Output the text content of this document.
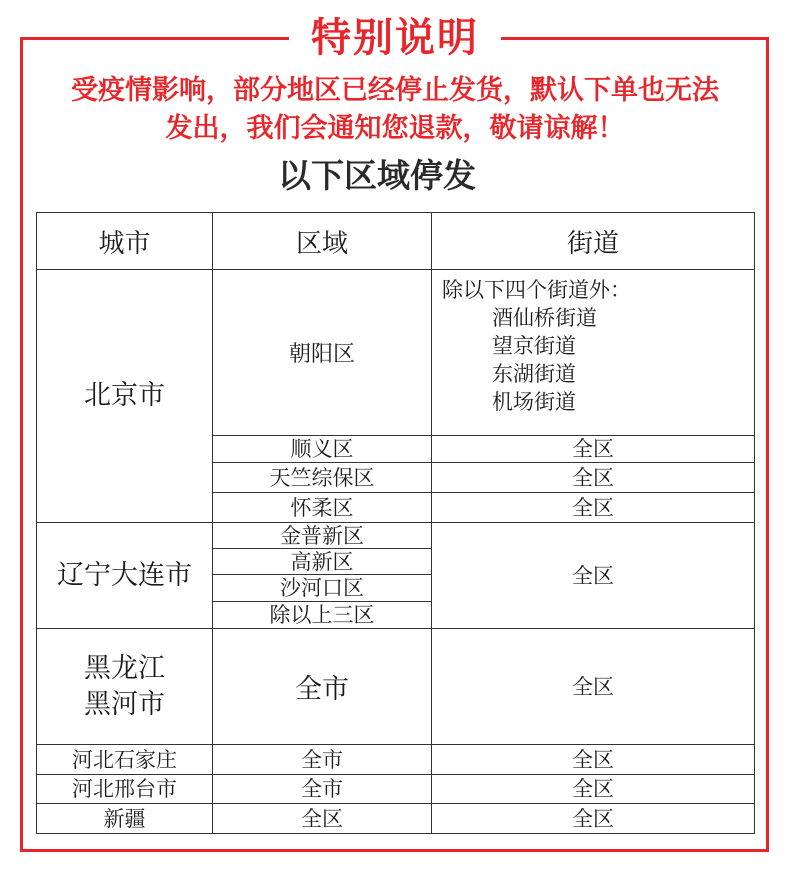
特别说明
受疫情影响，部分地区已经停止发货，默认下单也无法
发出，我们会通知您退款，敬请谅解！
以下区域停发
城市	区域	街道
北京市	朝阳区	除以下四个街道外：
酒仙桥街道
望京街道
东湖街道
机场街道

	顺义区	全区
	天竺综保区	全区
	怀柔区	全区
辽宁大连市	金普新区	全区
	高新区	
	沙河口区	
	除以上三区	

黑龙江
黑河市	全市	全区
河北石家庄	全市	全区
河北邢台市	全市	全区
新疆	全区	全区
